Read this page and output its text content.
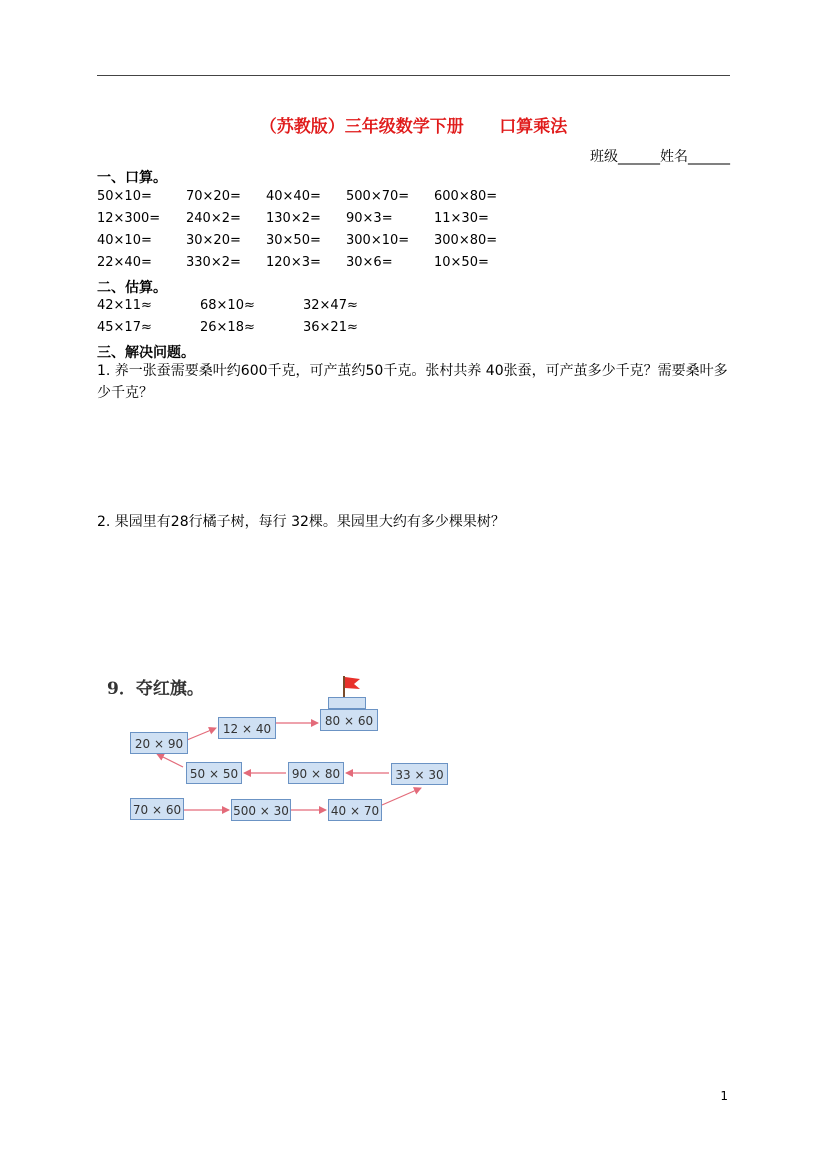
（苏教版）三年级数学下册      口算乘法
班级______姓名______
一、口算。
50×10=	70×20= 40×40= 500×70= 600×80=
12×300= 240×2= 130×2= 90×3=	11×30=
40×10=	30×20= 30×50= 300×10= 300×80=
22×40=	330×2= 120×3= 30×6=	10×50=
二、估算。
42×11≈	68×10≈	32×47≈
45×17≈	26×18≈	36×21≈
三、解决问题。
1. 养一张蚕需要桑叶约600千克，可产茧约50千克。张村共养 40张蚕，可产茧多少千克？需要桑叶多少千克？
2. 果园里有28行橘子树，每行 32棵。果园里大约有多少棵果树？
9．夺红旗。
80 × 60
12 × 40
20 × 90
50 × 50	90 × 80	33 × 30
70 × 60	500 × 30	40 × 70
1
